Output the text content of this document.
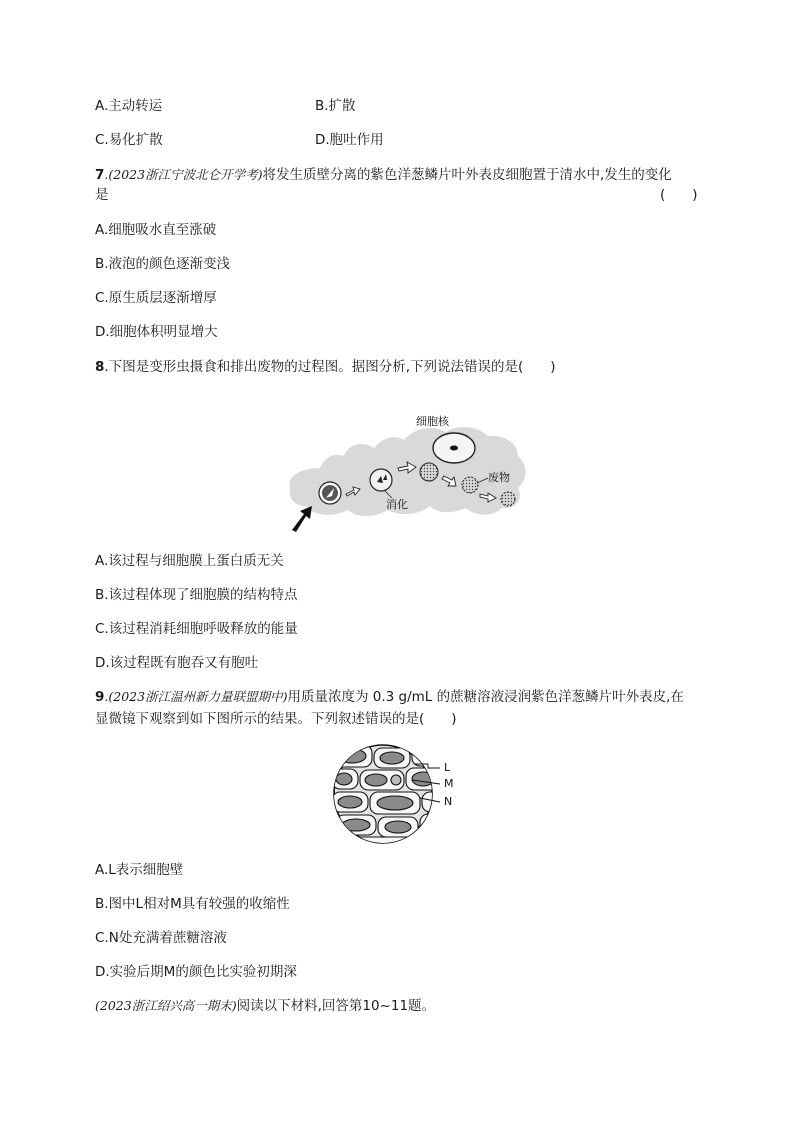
A.主动转运	B.扩散
C.易化扩散	D.胞吐作用
7.(2023浙江宁波北仑开学考)将发生质壁分离的紫色洋葱鳞片叶外表皮细胞置于清水中,发生的变化
是	(　　)
A.细胞吸水直至涨破
B.液泡的颜色逐渐变浅
C.原生质层逐渐增厚
D.细胞体积明显增大
8.下图是变形虫摄食和排出废物的过程图。据图分析,下列说法错误的是(　　)
细胞核
消化
废物
A.该过程与细胞膜上蛋白质无关
B.该过程体现了细胞膜的结构特点
C.该过程消耗细胞呼吸释放的能量
D.该过程既有胞吞又有胞吐
9.(2023浙江温州新力量联盟期中)用质量浓度为 0.3 g/mL 的蔗糖溶液浸润紫色洋葱鳞片叶外表皮,在
显微镜下观察到如下图所示的结果。下列叙述错误的是(　　)
L
M
N
A.L表示细胞壁
B.图中L相对M具有较强的收缩性
C.N处充满着蔗糖溶液
D.实验后期M的颜色比实验初期深
(2023浙江绍兴高一期末)阅读以下材料,回答第10~11题。
